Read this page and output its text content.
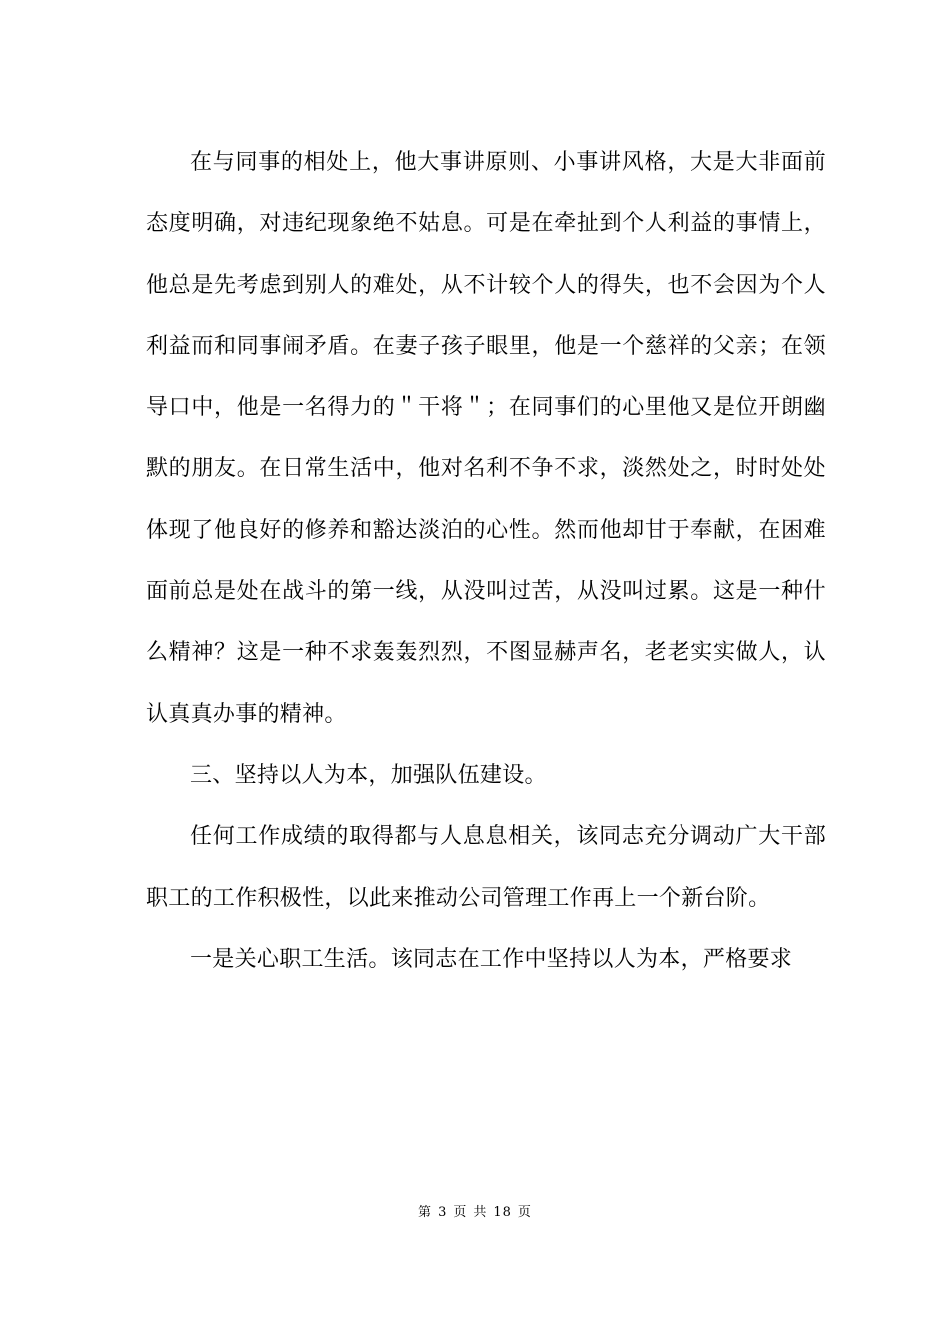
在与同事的相处上，他大事讲原则、小事讲风格，大是大非面前态度明确，对违纪现象绝不姑息。可是在牵扯到个人利益的事情上，他总是先考虑到别人的难处，从不计较个人的得失，也不会因为个人利益而和同事闹矛盾。在妻子孩子眼里，他是一个慈祥的父亲；在领导口中，他是一名得力的＂干将＂；在同事们的心里他又是位开朗幽默的朋友。在日常生活中，他对名利不争不求，淡然处之，时时处处体现了他良好的修养和豁达淡泊的心性。然而他却甘于奉献，在困难面前总是处在战斗的第一线，从没叫过苦，从没叫过累。这是一种什么精神？这是一种不求轰轰烈烈，不图显赫声名，老老实实做人，认认真真办事的精神。

三、坚持以人为本，加强队伍建设。

任何工作成绩的取得都与人息息相关，该同志充分调动广大干部职工的工作积极性，以此来推动公司管理工作再上一个新台阶。

一是关心职工生活。该同志在工作中坚持以人为本，严格要求

第 3 页 共 18 页
